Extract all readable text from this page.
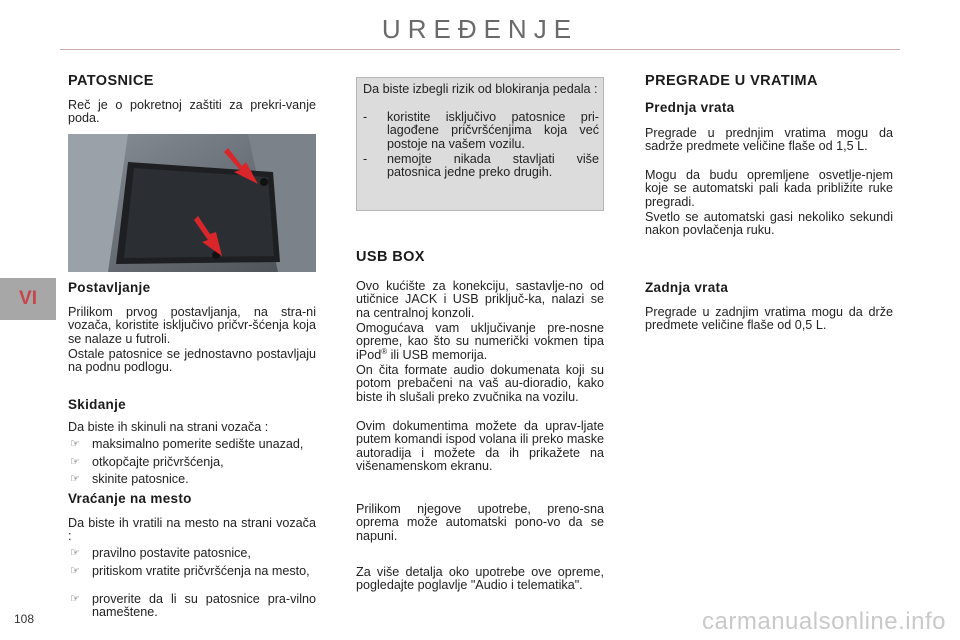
UREĐENJE
VI
PATOSNICE
Reč je o pokretnoj zaštiti za prekri-vanje poda.
Postavljanje
Prilikom prvog postavljanja, na stra-ni vozača, koristite isključivo pričvr-šćenja koja se nalaze u futroli.
Ostale patosnice se jednostavno postavljaju na podnu podlogu.
Skidanje
Da biste ih skinuli na strani vozača :
☞ maksimalno pomerite sedište unazad,
☞ otkopčajte pričvršćenja,
☞ skinite patosnice.
Vraćanje na mesto
Da biste ih vratili na mesto na strani vozača :
☞ pravilno postavite patosnice,
☞ pritiskom vratite pričvršćenja na mesto,
☞ proverite da li su patosnice pra-vilno nameštene.
Da biste izbegli rizik od blokiranja pedala :
- koristite isključivo patosnice pri-lagođene pričvršćenjima koja već postoje na vašem vozilu.
- nemojte nikada stavljati više patosnica jedne preko drugih.
USB BOX
Ovo kućište za konekciju, sastavlje-no od utičnice JACK i USB priključ-ka, nalazi se na centralnoj konzoli.
Omogućava vam uključivanje pre-nosne opreme, kao što su numerički vokmen tipa iPod® ili USB memorija.
On čita formate audio dokumenata koji su potom prebačeni na vaš au-dioradio, kako biste ih slušali preko zvučnika na vozilu.
Ovim dokumentima možete da uprav-ljate putem komandi ispod volana ili preko maske autoradija i možete da ih prikažete na višenamenskom ekranu.
Prilikom njegove upotrebe, preno-sna oprema može automatski pono-vo da se napuni.
Za više detalja oko upotrebe ove opreme, pogledajte poglavlje "Audio i telematika".
PREGRADE U VRATIMA
Prednja vrata
Pregrade u prednjim vratima mogu da sadrže predmete veličine flaše od 1,5 L.
Mogu da budu opremljene osvetlje-njem koje se automatski pali kada približite ruke pregradi.
Svetlo se automatski gasi nekoliko sekundi nakon povlačenja ruku.
Zadnja vrata
Pregrade u zadnjim vratima mogu da drže predmete veličine flaše od 0,5 L.
108	carmanualsonline.info
